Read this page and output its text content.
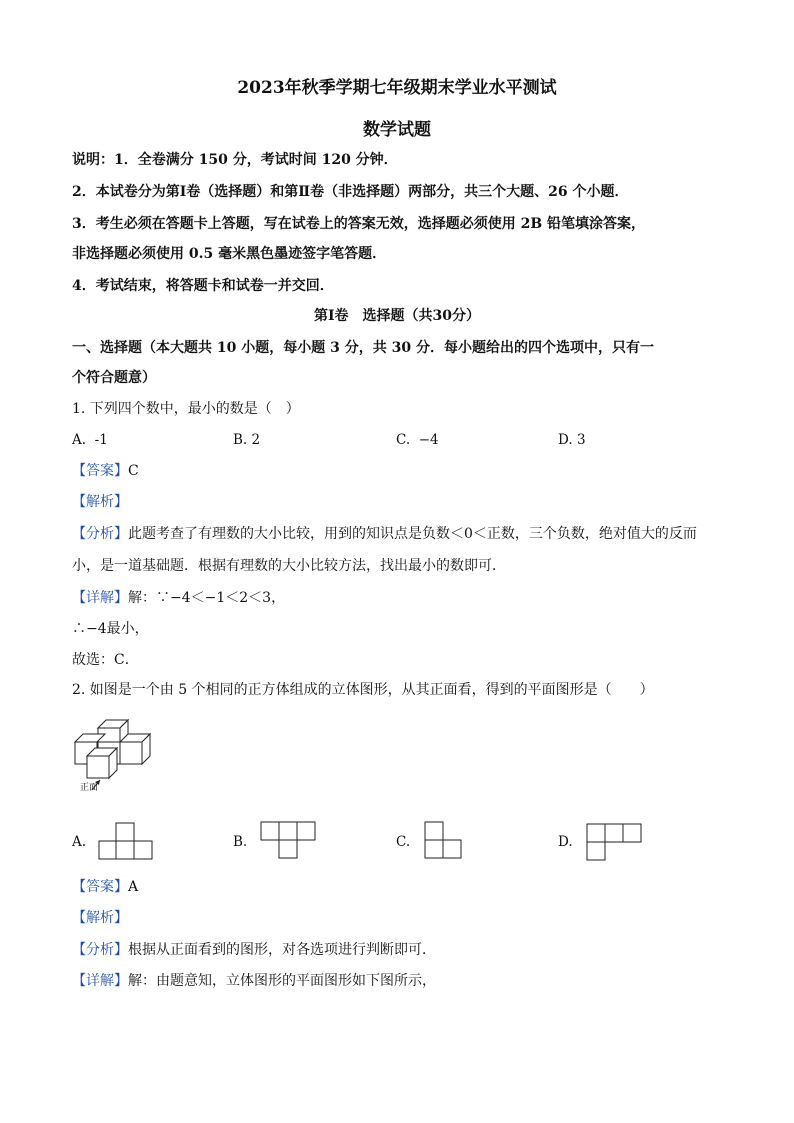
2023年秋季学期七年级期末学业水平测试
数学试题
说明：1．全卷满分 150 分，考试时间 120 分钟．
2．本试卷分为第Ⅰ卷（选择题）和第Ⅱ卷（非选择题）两部分，共三个大题、26 个小题．
3．考生必须在答题卡上答题，写在试卷上的答案无效，选择题必须使用 2B 铅笔填涂答案，
非选择题必须使用 0.5 毫米黑色墨迹签字笔答题．
4．考试结束，将答题卡和试卷一并交回．
第Ⅰ卷　选择题（共30分）
一、选择题（本大题共 10 小题，每小题 3 分，共 30 分．每小题给出的四个选项中，只有一
个符合题意）
1. 下列四个数中，最小的数是（　）
A. -1	B. 2	C. −4	D. 3
【答案】C
【解析】
【分析】此题考查了有理数的大小比较，用到的知识点是负数＜0＜正数，三个负数，绝对值大的反而
小，是一道基础题．根据有理数的大小比较方法，找出最小的数即可．
【详解】解：∵−4＜−1＜2＜3，
∴−4最小，
故选：C．
2. 如图是一个由 5 个相同的正方体组成的立体图形，从其正面看，得到的平面图形是（　　）
正面
A.	B.	C.	D.
【答案】A
【解析】
【分析】根据从正面看到的图形，对各选项进行判断即可．
【详解】解：由题意知，立体图形的平面图形如下图所示，
